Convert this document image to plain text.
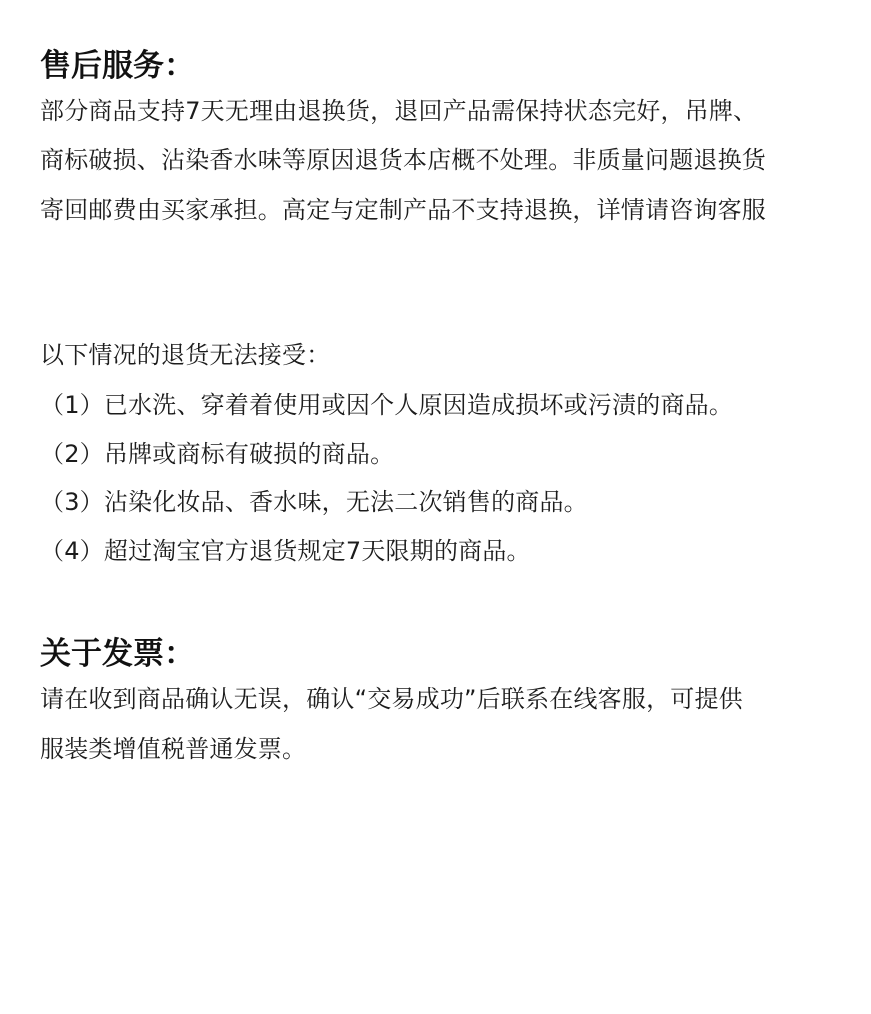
售后服务：
部分商品支持7天无理由退换货，退回产品需保持状态完好，吊牌、
商标破损、沾染香水味等原因退货本店概不处理。非质量问题退换货
寄回邮费由买家承担。高定与定制产品不支持退换，详情请咨询客服
以下情况的退货无法接受：
（1）已水洗、穿着着使用或因个人原因造成损坏或污渍的商品。
（2）吊牌或商标有破损的商品。
（3）沾染化妆品、香水味，无法二次销售的商品。
（4）超过淘宝官方退货规定7天限期的商品。
关于发票：
请在收到商品确认无误，确认“交易成功”后联系在线客服，可提供
服装类增值税普通发票。
